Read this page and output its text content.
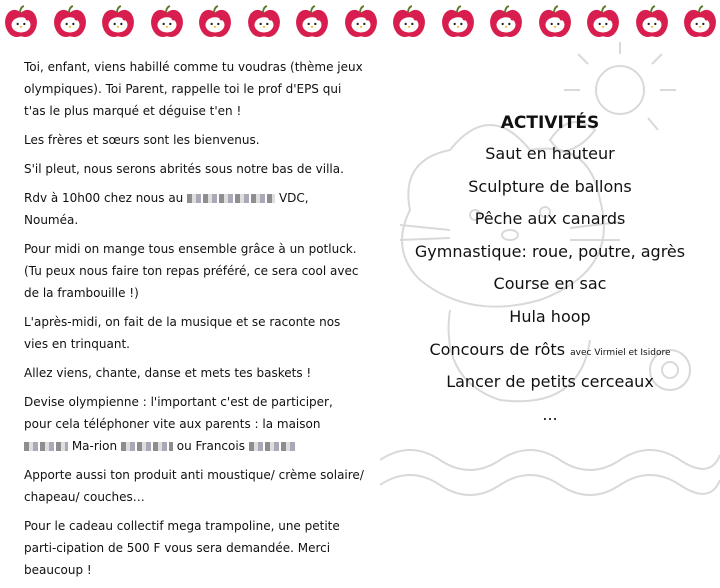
Toi, enfant, viens habillé comme tu voudras (thème jeux olympiques). Toi Parent, rappelle toi le prof d'EPS qui t'as le plus marqué et déguise t'en !

Les frères et sœurs sont les bienvenus.

S'il pleut, nous serons abrités sous notre bas de villa.

Rdv à 10h00 chez nous au	VDC, Nouméa.

Pour midi on mange tous ensemble grâce à un potluck. (Tu peux nous faire ton repas préféré, ce sera cool avec de la frambouille !)

L'après-midi, on fait de la musique et se raconte nos vies en trinquant.

Allez viens, chante, danse et mets tes baskets !

Devise olympienne : l'important c'est de participer, pour cela téléphoner vite aux parents : la maison  Ma-rion	ou Francois

Apporte aussi ton produit anti moustique/ crème solaire/ chapeau/ couches…

Pour le cadeau collectif mega trampoline, une petite parti-cipation de 500 F vous sera demandée. Merci beaucoup !

ACTIVITÉS
Saut en hauteur
Sculpture de ballons
Pêche aux canards
Gymnastique: roue, poutre, agrès
Course en sac
Hula hoop
Concours de rôts avec Virmiel et Isidore
Lancer de petits cerceaux
...
